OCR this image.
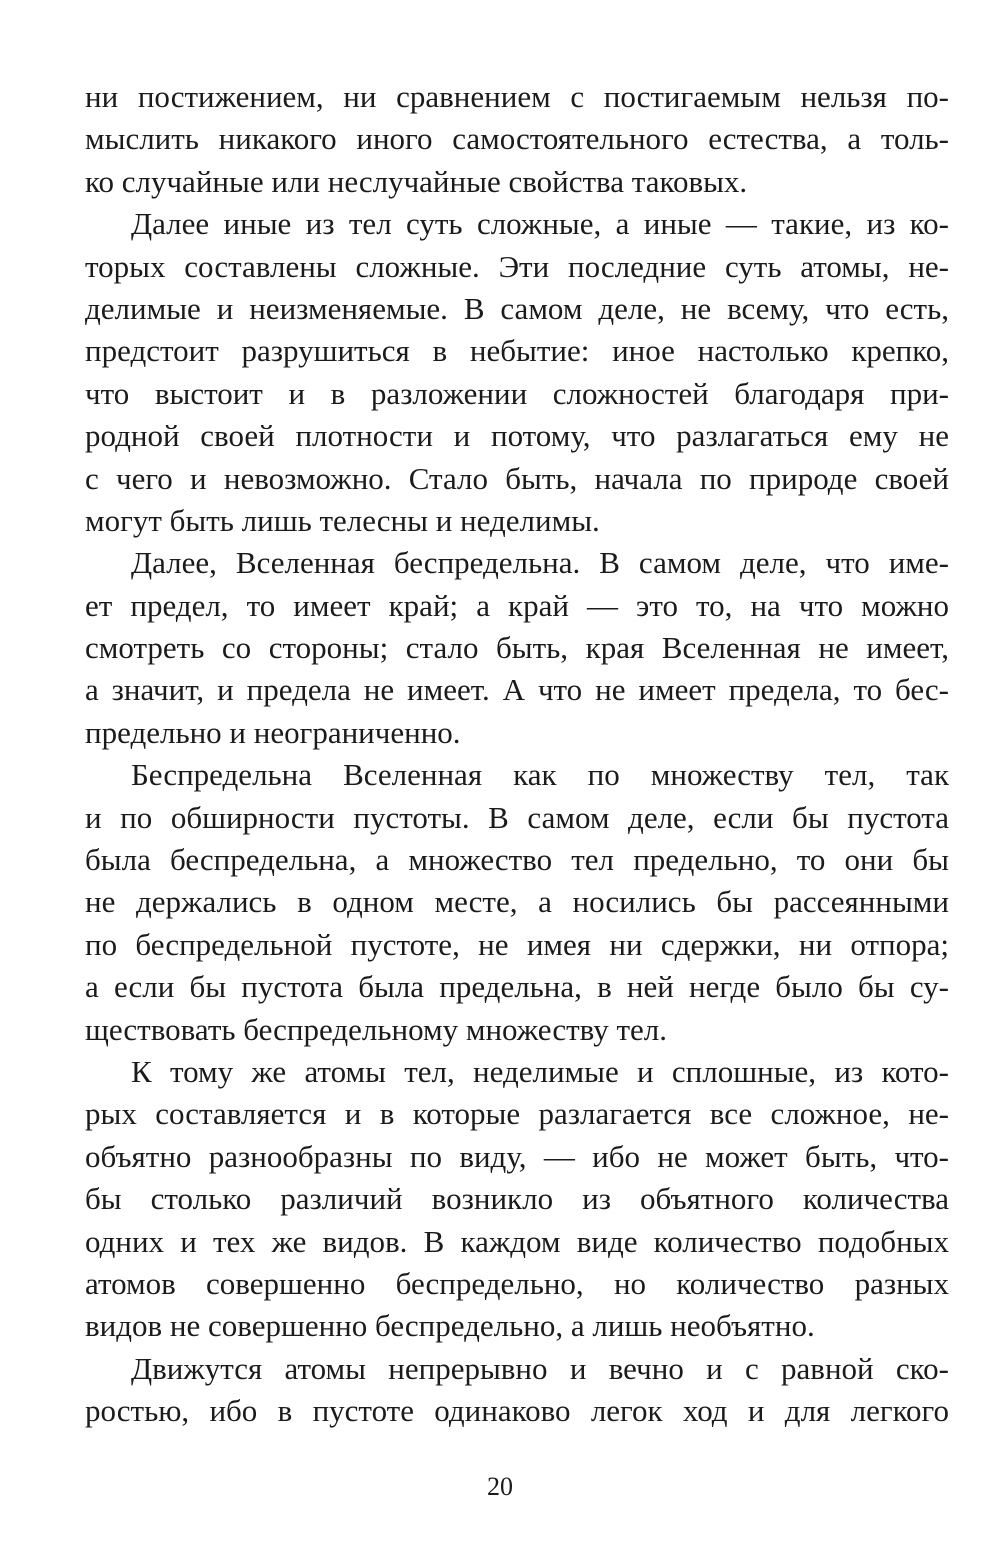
ни постижением, ни сравнением с постигаемым нельзя по-
мыслить никакого иного самостоятельного естества, а толь-
ко случайные или неслучайные свойства таковых.
Далее иные из тел суть сложные, а иные — такие, из ко-
торых составлены сложные. Эти последние суть атомы, не-
делимые и неизменяемые. В самом деле, не всему, что есть,
предстоит разрушиться в небытие: иное настолько крепко,
что выстоит и в разложении сложностей благодаря при-
родной своей плотности и потому, что разлагаться ему не
с чего и невозможно. Стало быть, начала по природе своей
могут быть лишь телесны и неделимы.
Далее, Вселенная беспредельна. В самом деле, что име-
ет предел, то имеет край; а край — это то, на что можно
смотреть со стороны; стало быть, края Вселенная не имеет,
а значит, и предела не имеет. А что не имеет предела, то бес-
предельно и неограниченно.
Беспредельна Вселенная как по множеству тел, так
и по обширности пустоты. В самом деле, если бы пустота
была беспредельна, а множество тел предельно, то они бы
не держались в одном месте, а носились бы рассеянными
по беспредельной пустоте, не имея ни сдержки, ни отпора;
а если бы пустота была предельна, в ней негде было бы су-
ществовать беспредельному множеству тел.
К тому же атомы тел, неделимые и сплошные, из кото-
рых составляется и в которые разлагается все сложное, не-
объятно разнообразны по виду, — ибо не может быть, что-
бы столько различий возникло из объятного количества
одних и тех же видов. В каждом виде количество подобных
атомов совершенно беспредельно, но количество разных
видов не совершенно беспредельно, а лишь необъятно.
Движутся атомы непрерывно и вечно и с равной ско-
ростью, ибо в пустоте одинаково легок ход и для легкого
20
